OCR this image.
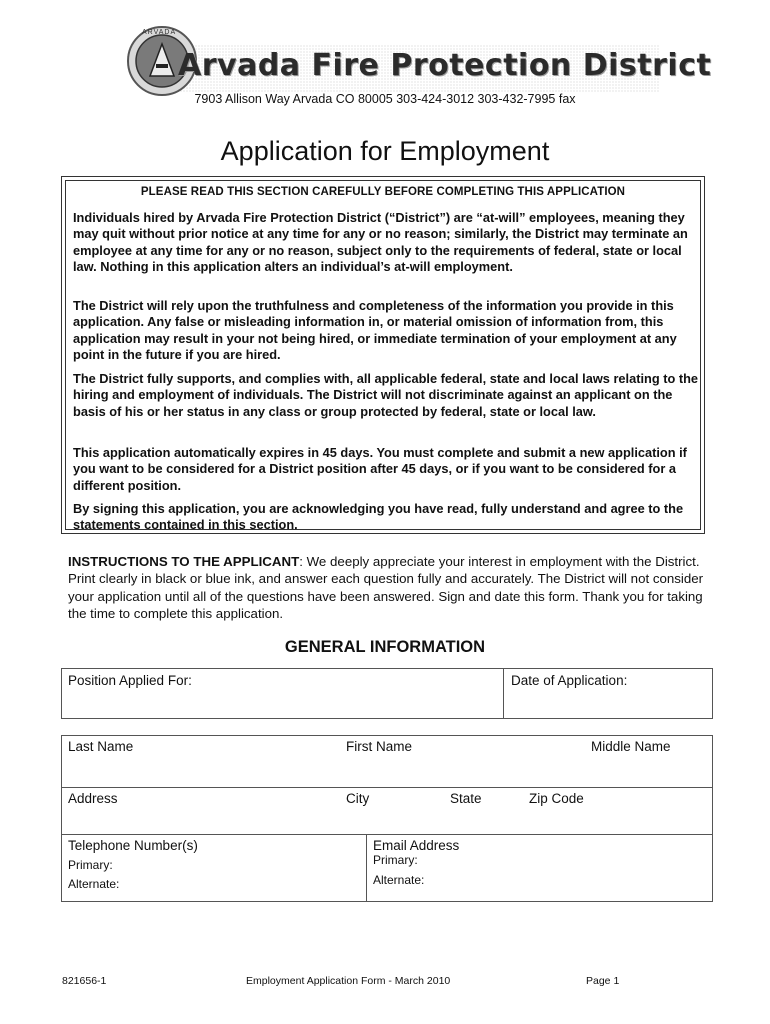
ARVADA
Arvada Fire Protection District
7903 Allison Way Arvada CO 80005 303-424-3012 303-432-7995 fax
Application for Employment
PLEASE READ THIS SECTION CAREFULLY BEFORE COMPLETING THIS APPLICATION

Individuals hired by Arvada Fire Protection District (“District”) are “at-will” employees, meaning they may quit without prior notice at any time for any or no reason; similarly, the District may terminate an employee at any time for any or no reason, subject only to the requirements of federal, state or local law. Nothing in this application alters an individual’s at-will employment.

The District will rely upon the truthfulness and completeness of the information you provide in this application. Any false or misleading information in, or material omission of information from, this application may result in your not being hired, or immediate termination of your employment at any point in the future if you are hired.

The District fully supports, and complies with, all applicable federal, state and local laws relating to the hiring and employment of individuals. The District will not discriminate against an applicant on the basis of his or her status in any class or group protected by federal, state or local law.

This application automatically expires in 45 days. You must complete and submit a new application if you want to be considered for a District position after 45 days, or if you want to be considered for a different position.

By signing this application, you are acknowledging you have read, fully understand and agree to the statements contained in this section.

INSTRUCTIONS TO THE APPLICANT: We deeply appreciate your interest in employment with the District. Print clearly in black or blue ink, and answer each question fully and accurately. The District will not consider your application until all of the questions have been answered. Sign and date this form. Thank you for taking the time to complete this application.
GENERAL INFORMATION
Position Applied For:	Date of Application:
Last Name	First Name	Middle Name
Address	City	State	Zip Code
Telephone Number(s)
Primary:
Alternate:
Email Address
Primary:
Alternate:
821656-1	Employment Application Form - March 2010	Page 1
